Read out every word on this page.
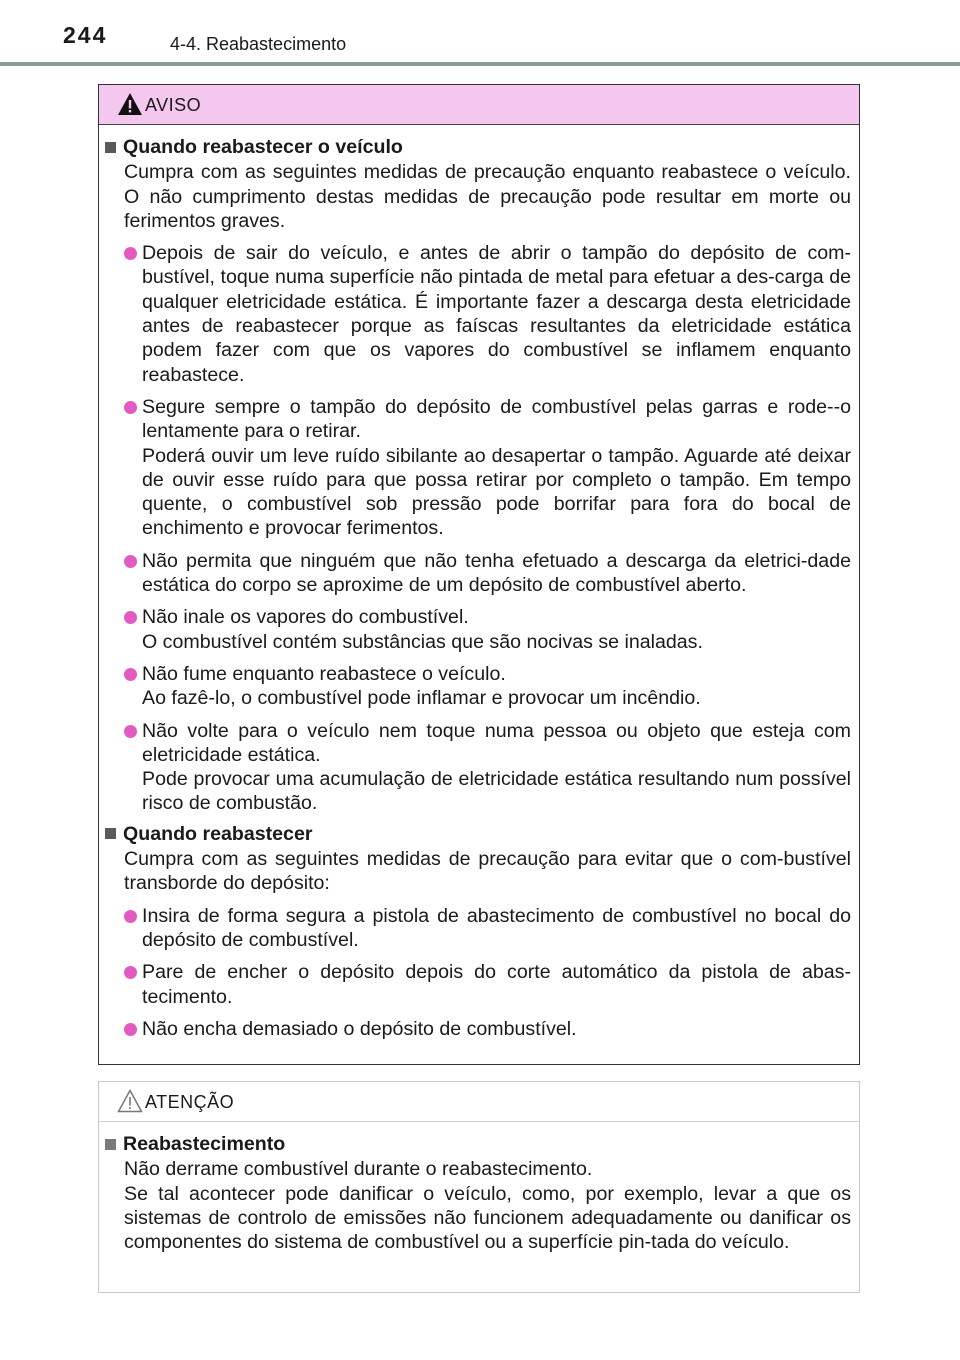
244	4-4. Reabastecimento
AVISO
Quando reabastecer o veículo
Cumpra com as seguintes medidas de precaução enquanto reabastece o veículo. O não cumprimento destas medidas de precaução pode resultar em morte ou ferimentos graves.
Depois de sair do veículo, e antes de abrir o tampão do depósito de com-bustível, toque numa superfície não pintada de metal para efetuar a des-carga de qualquer eletricidade estática. É importante fazer a descarga desta eletricidade antes de reabastecer porque as faíscas resultantes da eletricidade estática podem fazer com que os vapores do combustível se inflamem enquanto reabastece.
Segure sempre o tampão do depósito de combustível pelas garras e rode--o lentamente para o retirar.
Poderá ouvir um leve ruído sibilante ao desapertar o tampão. Aguarde até deixar de ouvir esse ruído para que possa retirar por completo o tampão. Em tempo quente, o combustível sob pressão pode borrifar para fora do bocal de enchimento e provocar ferimentos.
Não permita que ninguém que não tenha efetuado a descarga da eletrici-dade estática do corpo se aproxime de um depósito de combustível aberto.
Não inale os vapores do combustível.
O combustível contém substâncias que são nocivas se inaladas.
Não fume enquanto reabastece o veículo.
Ao fazê-lo, o combustível pode inflamar e provocar um incêndio.
Não volte para o veículo nem toque numa pessoa ou objeto que esteja com eletricidade estática.
Pode provocar uma acumulação de eletricidade estática resultando num possível risco de combustão.
Quando reabastecer
Cumpra com as seguintes medidas de precaução para evitar que o com-bustível transborde do depósito:
Insira de forma segura a pistola de abastecimento de combustível no bocal do depósito de combustível.
Pare de encher o depósito depois do corte automático da pistola de abas-tecimento.
Não encha demasiado o depósito de combustível.
ATENÇÃO
Reabastecimento
Não derrame combustível durante o reabastecimento.
Se tal acontecer pode danificar o veículo, como, por exemplo, levar a que os sistemas de controlo de emissões não funcionem adequadamente ou danificar os componentes do sistema de combustível ou a superfície pin-tada do veículo.
